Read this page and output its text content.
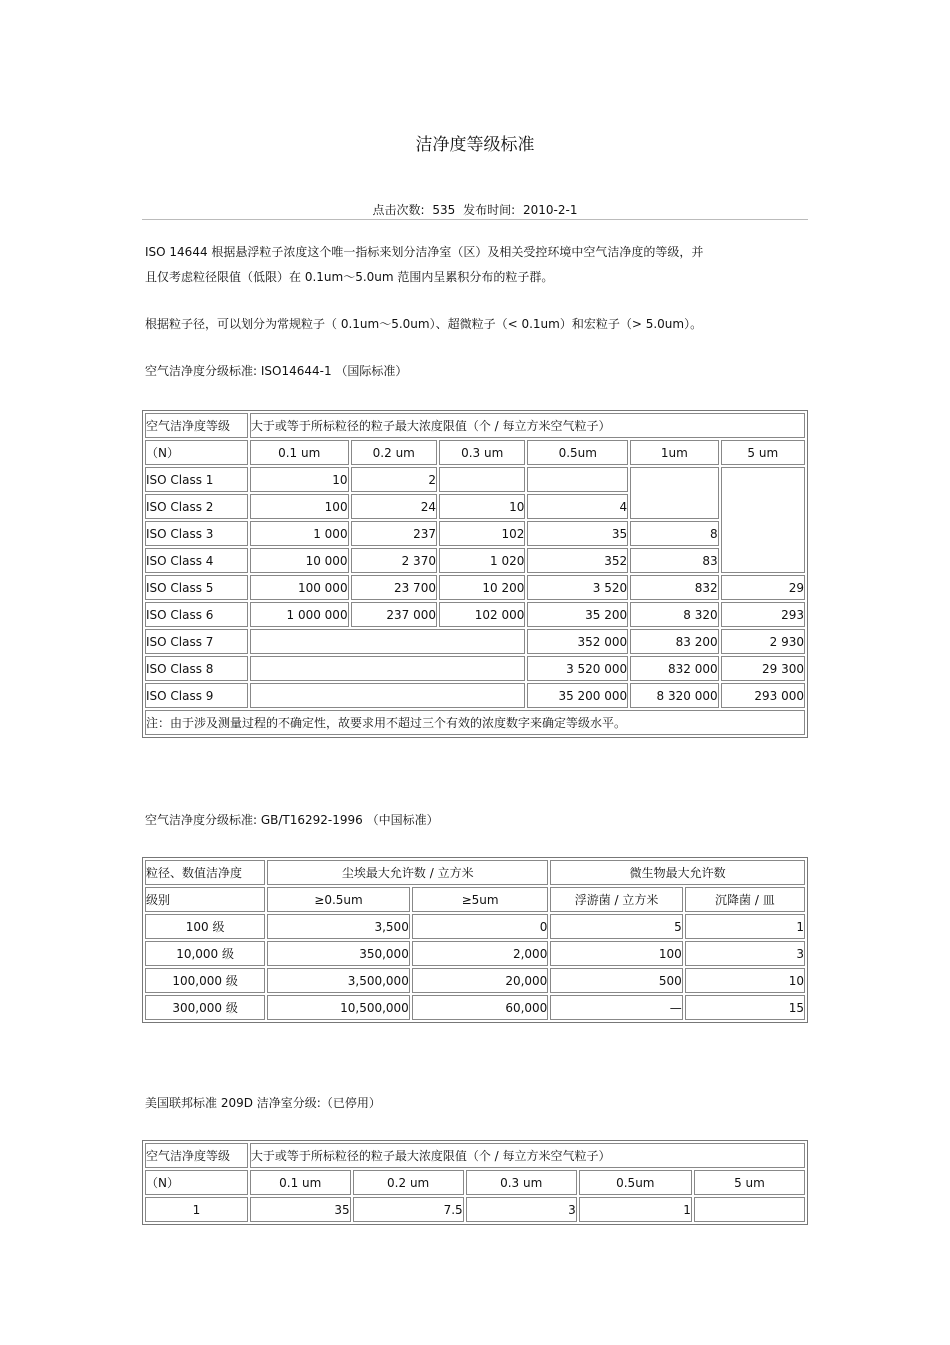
洁净度等级标准
点击次数: 535 发布时间: 2010-2-1
ISO 14644 根据悬浮粒子浓度这个唯一指标来划分洁净室（区）及相关受控环境中空气洁净度的等级，并
且仅考虑粒径限值（低限）在 0.1um～5.0um 范围内呈累积分布的粒子群。
根据粒子径，可以划分为常规粒子（ 0.1um～5.0um）、超微粒子（< 0.1um）和宏粒子（> 5.0um）。
空气洁净度分级标准: ISO14644-1 （国际标准）
空气洁净度等级	大于或等于所标粒径的粒子最大浓度限值（个 / 每立方米空气粒子）					
（N）	0.1 um	0.2 um	0.3 um	0.5um	1um	5 um
ISO Class 1	10	2				
ISO Class 2	100	24	10	4		
ISO Class 3	1 000	237	102	35	8	
ISO Class 4	10 000	2 370	1 020	352	83	
ISO Class 5	100 000	23 700	10 200	3 520	832	29
ISO Class 6	1 000 000	237 000	102 000	35 200	8 320	293
ISO Class 7				352 000	83 200	2 930
ISO Class 8				3 520 000	832 000	29 300
ISO Class 9				35 200 000	8 320 000	293 000
注：由于涉及测量过程的不确定性，故要求用不超过三个有效的浓度数字来确定等级水平。						
空气洁净度分级标准: GB/T16292-1996 （中国标准）
粒径、数值洁净度	尘埃最大允许数 / 立方米		微生物最大允许数	
级别	≥0.5um	≥5um	浮游菌 / 立方米	沉降菌 / 皿
100 级	3,500	0	5	1
10,000 级	350,000	2,000	100	3
100,000 级	3,500,000	20,000	500	10
300,000 级	10,500,000	60,000	—	15
美国联邦标准 209D 洁净室分级:（已停用）
空气洁净度等级	大于或等于所标粒径的粒子最大浓度限值（个 / 每立方米空气粒子）				
（N）	0.1 um	0.2 um	0.3 um	0.5um	5 um
1	35	7.5	3	1	
